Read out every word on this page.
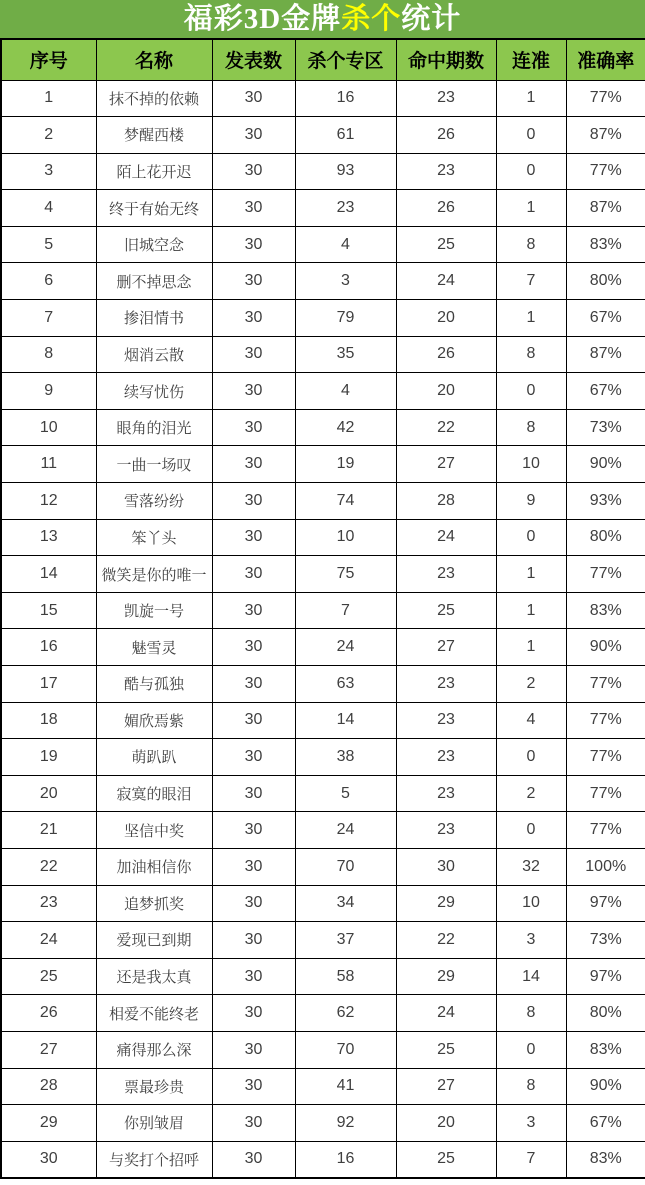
福彩3D金牌杀个统计
序号	名称	发表数	杀个专区	命中期数	连准	准确率
1	抹不掉的依赖	30	16	23	1	77%
2	梦醒西楼	30	61	26	0	87%
3	陌上花开迟	30	93	23	0	77%
4	终于有始无终	30	23	26	1	87%
5	旧城空念	30	4	25	8	83%
6	删不掉思念	30	3	24	7	80%
7	掺泪情书	30	79	20	1	67%
8	烟消云散	30	35	26	8	87%
9	续写忧伤	30	4	20	0	67%
10	眼角的泪光	30	42	22	8	73%
11	一曲一场叹	30	19	27	10	90%
12	雪落纷纷	30	74	28	9	93%
13	笨丫头	30	10	24	0	80%
14	微笑是你的唯一	30	75	23	1	77%
15	凯旋一号	30	7	25	1	83%
16	魅雪灵	30	24	27	1	90%
17	酷与孤独	30	63	23	2	77%
18	媚欣焉紫	30	14	23	4	77%
19	萌趴趴	30	38	23	0	77%
20	寂寞的眼泪	30	5	23	2	77%
21	坚信中奖	30	24	23	0	77%
22	加油相信你	30	70	30	32	100%
23	追梦抓奖	30	34	29	10	97%
24	爱现已到期	30	37	22	3	73%
25	还是我太真	30	58	29	14	97%
26	相爱不能终老	30	62	24	8	80%
27	痛得那么深	30	70	25	0	83%
28	票最珍贵	30	41	27	8	90%
29	你别皱眉	30	92	20	3	67%
30	与奖打个招呼	30	16	25	7	83%
